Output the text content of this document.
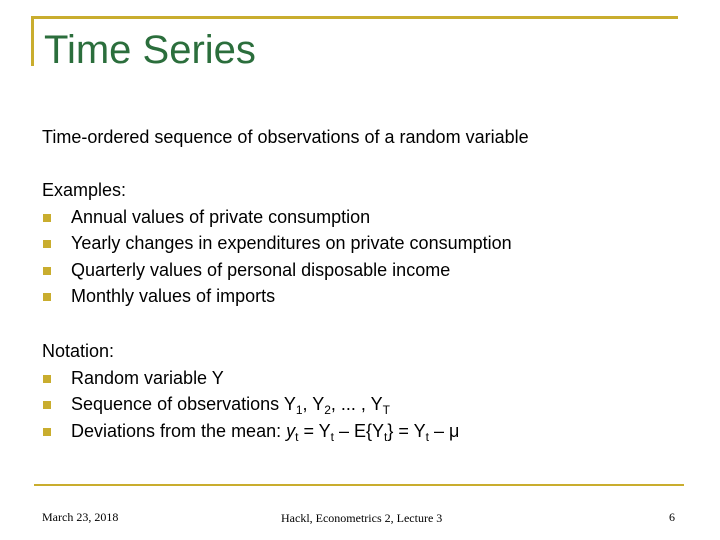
Time Series
Time-ordered sequence of observations of a random variable
Examples:
Annual values of private consumption
Yearly changes in expenditures on private consumption
Quarterly values of personal disposable income
Monthly values of imports
Notation:
Random variable Y
Sequence of observations $Y_1$, $Y_2$, ... , $Y_T$
Deviations from the mean: $y_t = Y_t - E\{Y_t\} = Y_t - \mu$
March 23, 2018	Hackl, Econometrics 2, Lecture 3	6
